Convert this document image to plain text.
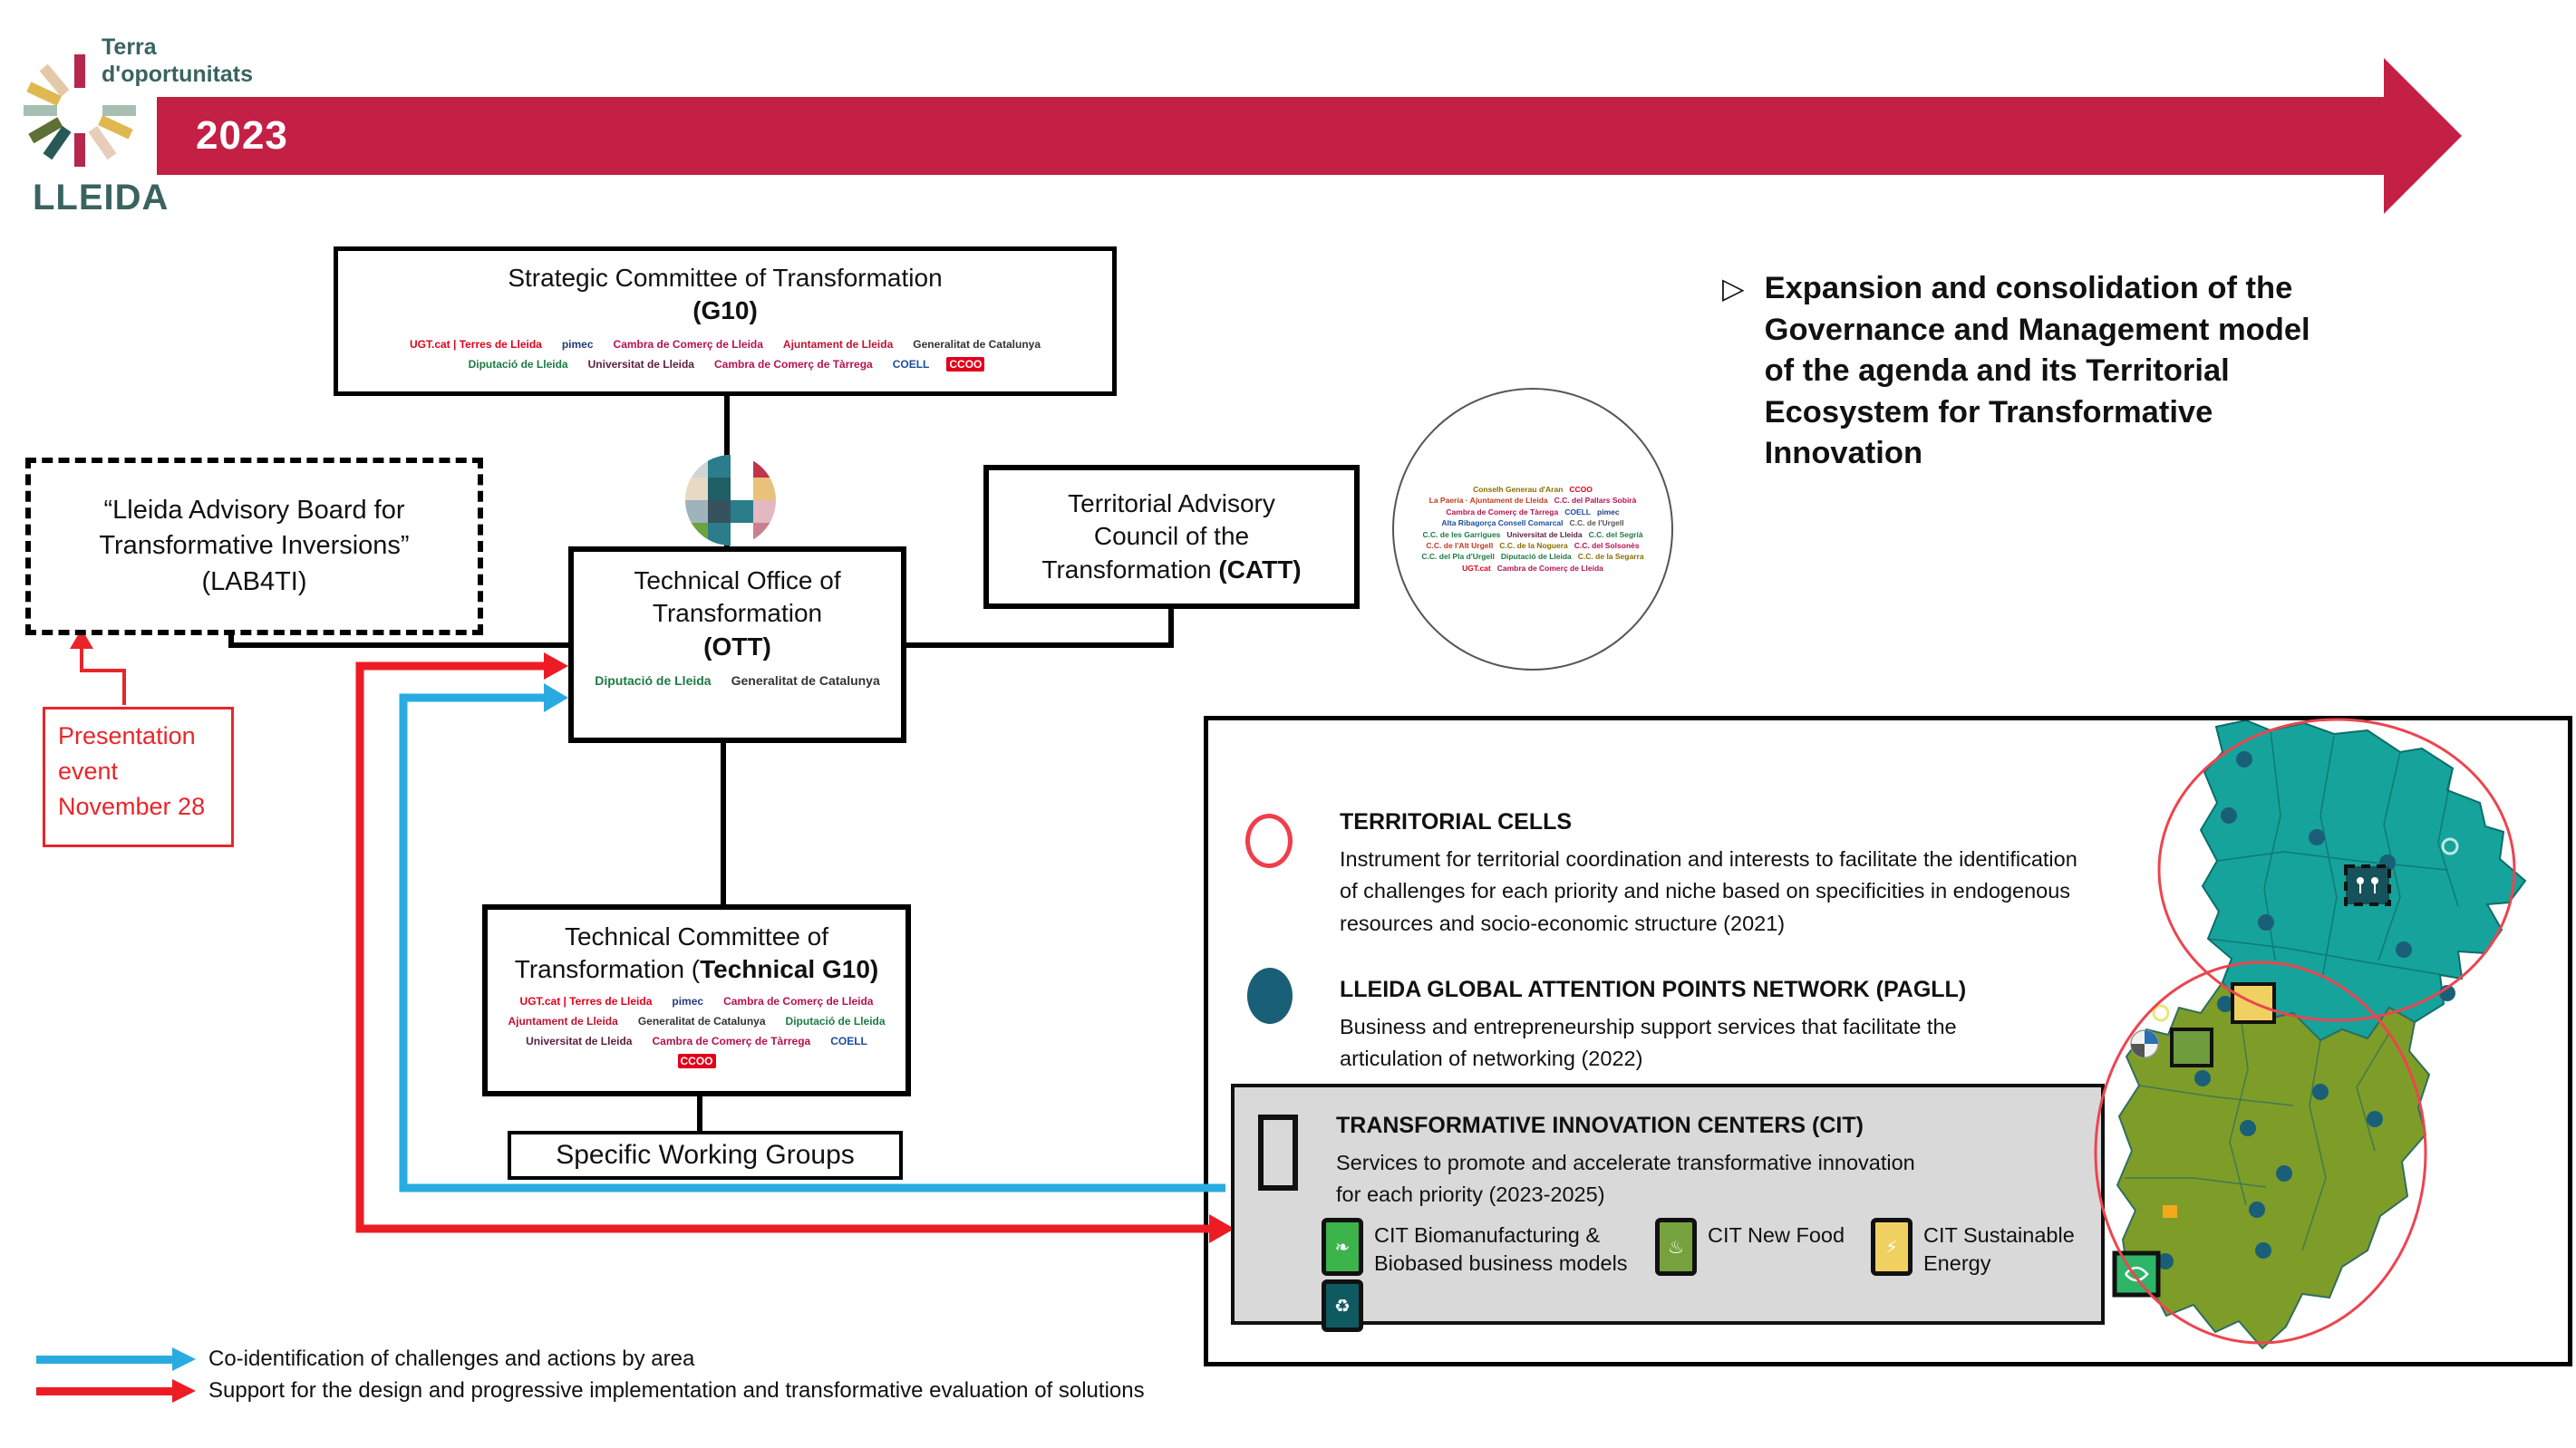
Terra
d'oportunitats
LLEIDA
2023
Strategic Committee of Transformation
(G10)
UGT.cat | Terres de Lleida pimec Cambra de Comerç de Lleida Ajuntament de Lleida Generalitat de Catalunya
Diputació de Lleida Universitat de Lleida Cambra de Comerç de Tàrrega COELL CCOO
Technical Office of Transformation
(OTT)
Diputació de Lleida Generalitat de Catalunya
“Lleida Advisory Board for Transformative Inversions”
(LAB4TI)
Presentation
event
November 28
Territorial Advisory
Council of the
Transformation (CATT)
Conselh Generau d'Aran CCOO
La Paeria · Ajuntament de Lleida C.C. del Pallars Sobirà
Cambra de Comerç de Tàrrega COELL pimec
Alta Ribagorça Consell Comarcal C.C. de l'Urgell
C.C. de les Garrigues Universitat de Lleida C.C. del Segrià
C.C. de l'Alt Urgell C.C. de la Noguera C.C. del Solsonès
C.C. del Pla d'Urgell Diputació de Lleida C.C. de la Segarra
UGT.cat Cambra de Comerç de Lleida
Technical Committee of
Transformation (Technical G10)
UGT.cat | Terres de Lleida pimec Cambra de Comerç de Lleida
Ajuntament de Lleida Generalitat de Catalunya Diputació de Lleida
Universitat de Lleida Cambra de Comerç de Tàrrega COELL
CCOO
Specific Working Groups
▷ Expansion and consolidation of the Governance and Management model of the agenda and its Territorial Ecosystem for Transformative Innovation
TERRITORIAL CELLS
Instrument for territorial coordination and interests to facilitate the identification of challenges for each priority and niche based on specificities in endogenous resources and socio-economic structure (2021)
LLEIDA GLOBAL ATTENTION POINTS NETWORK (PAGLL)
Business and entrepreneurship support services that facilitate the articulation of networking (2022)
TRANSFORMATIVE INNOVATION CENTERS (CIT)
Services to promote and accelerate transformative innovation for each priority (2023-2025)
❧
♻
CIT Biomanufacturing & Biobased business models
♨
CIT New Food
⚡
CIT Sustainable Energy
Co-identification of challenges and actions by area
Support for the design and progressive implementation and transformative evaluation of solutions
